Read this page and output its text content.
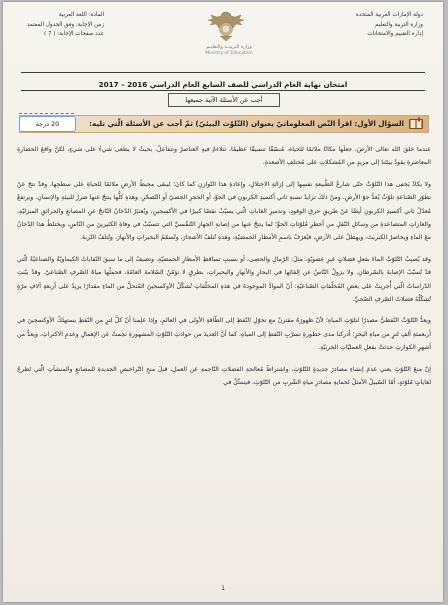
دولة الإمارات العربية المتحدة
وزارة التربية والتعليم
إدارة التقييم والامتحانات
وزارة التربيــة والتعليـم
Ministry of Education
المادة: اللغة العربية
زمن الإجابة: وفق الجدول المعتمد
عدد صفحات الإجابة: ( 7 )
امتحان نهاية العام الدراسي للصف السابع العام الدراسي 2016 – 2017
أجب عن الأسئلة الآتية جميعها
السؤال الأول: اقرأ النّص المعلوماتيّ بعنوان (التّلوّث البيئيّ) ثمّ أجب عن الأسئلة الّتي تليه:
20 درجة

عندما خلقَ الله تعالى الأرضَ، جعلَها مكانًا ملائمًا للحياة، مُنسّقًا تنسيقًا عظيمًا، تتلاءمُ فيهِ العناصرُ وتتفاعلُ، بحيثُ لا يطغى شيءٌ على شيءٍ، لكنَّ واقعَ الحضارةِ المعاصرةِ يقودُ بيئتَنا إلى مزيدٍ من المُشكلاتِ على مُختلفِ الأصعدةِ.

ولا يكادُ يَخفى هذا التّلوّثُ حتّى شارعُ الطّبيعةِ نفسِها إلى إزالةِ الاختلالِ، وإعادةِ هذا التّوازنِ كما كانَ؛ ليبقى محيطُ الأرضِ ملائمًا للحياةِ على سطحِها، وقدْ نتجَ عنْ تطوّرِ الصّناعةِ تلوّثٌ يُعدُّ جوّ الأرضِ، ومنْ ذلكَ تزايدُ نسبةِ ثاني أكسيدِ الكربونِ في الجوِّ، أو الحجرِ الجصيّ أو التّصحّرِ، وهذهِ كلُّها ينتجُ عنها ضررٌ للبيئةِ والإنسانِ. ويرتفعُ مُعدّلُ ثاني أكسيدِ الكربونِ أيضًا عنْ طريقِ حرقِ الوقودِ، وتدميرِ الغاباتِ الّتي يسبّبُ نقصًا كبيرًا في الأكسجينِ، ويُعتبَرُ الدّخانُ النّاتجُ عنِ المصانعِ والحرائقِ المنزليّةِ، والغازاتِ المتصاعدةِ من وسائلِ النّقلِ من أخطرِ مُلوّثاتِ الجوِّ؛ لما ينتجُ عنها من إصابةِ الجهازِ التّنفّسيِّ التي تتسبّبُ في وفاةِ الكثيرينَ من النّاسِ، ويختلطُ هذا الدّخانُ معَ الماءِ ويحاصرُ الكبريتَ، ويهطلُ على الأرضِ، فيُعرَفُ باسمِ الأمطارِ الحمضيّةِ، وهذهِ تُتلفُ الأشجارَ، وتُسمّمُ البحيراتِ والأنهارَ، وتُتلفُ التّربةَ.

وقد يُصيبُ التّلوّثُ الماءَ بفعلِ فضلاتٍ غيرِ عضويّةٍ، مثلَ: الرّمالِ والحصى، أو بسببِ تساقطِ الأمطارِ الحمضيّةِ، وتضيفُ إلى ما سبقَ النّفاياتُ الكيماويّةُ والصناعيّةُ الّتي قدْ تُسبّبُ الإصابةَ بالسّرطانِ. ولا يزولُ النّاسُ عن إلقائِها في البحارِ والأنهارِ والبحيراتِ، بطرقٍ لا تؤمّنُ السّلامةَ العامّةَ، فحملُها مياهُ الصّرفِ الصّناعيّ. وقدْ بيّنتِ الدّراساتُ الّتي أُجريتْ على بعضِ المُخلّفاتِ الصّناعيّةِ: أنّ الموادَّ الموجودةَ في هذهِ المخلّفاتِ تُشكّلُ الأوكسجينَ المُنحلَّ من الماءِ مقدارًا يزيدُ على أربعةِ آلافِ مرّةٍ تُشكّلُهُ فضلاتُ الصّرفِ الصّحيِّ.

ويعدُّ التّلوّثُ النّفطيُّ مصدرًا لتلوّثِ المياهِ؛ لأنّ ظهورَهُ مقترنٌ مع تحوّلِ النّفطِ إلى الطّاقةِ الأولى في العالمِ، وإذا علِمنا أنّ كلَّ لترٍ من النّفطِ يستهلكُ الأوكسجينَ في أربعمئةِ ألفِ لترٍ من مياهِ البحرِ؛ أدركنا مدى خطورةِ تسرّبِ النّفطِ إلى المياهِ، كما أنَّ العديدَ من حوادثِ التّلوّثِ المشهورةِ نجمتْ عن الإهمالِ وعدمِ الاكتراثِ، ويعدُّ من أشهرِ الكوارثِ حدثتْ بفعلِ العمليّاتِ الحربيّةِ.

إنّ منعَ التّلوّثِ يعني عدمَ إنشاءِ مصادرَ جديدةٍ للتّلوّثِ، واشتراطَ مُعالجةِ الفضلاتِ النّاجمةِ عن العملِ، قبلَ منحِ التّراخيصِ الجديدةِ للمصانعِ والمنشآتِ الّتي تَطرحُ لغاياتٍ مُلوّثةٍ، أمّا السّبيلُ الأمثلُ لحمايةِ مصادرِ مياهِ الشّربِ من التّلوّثِ، فيتمثّلُ في

1
